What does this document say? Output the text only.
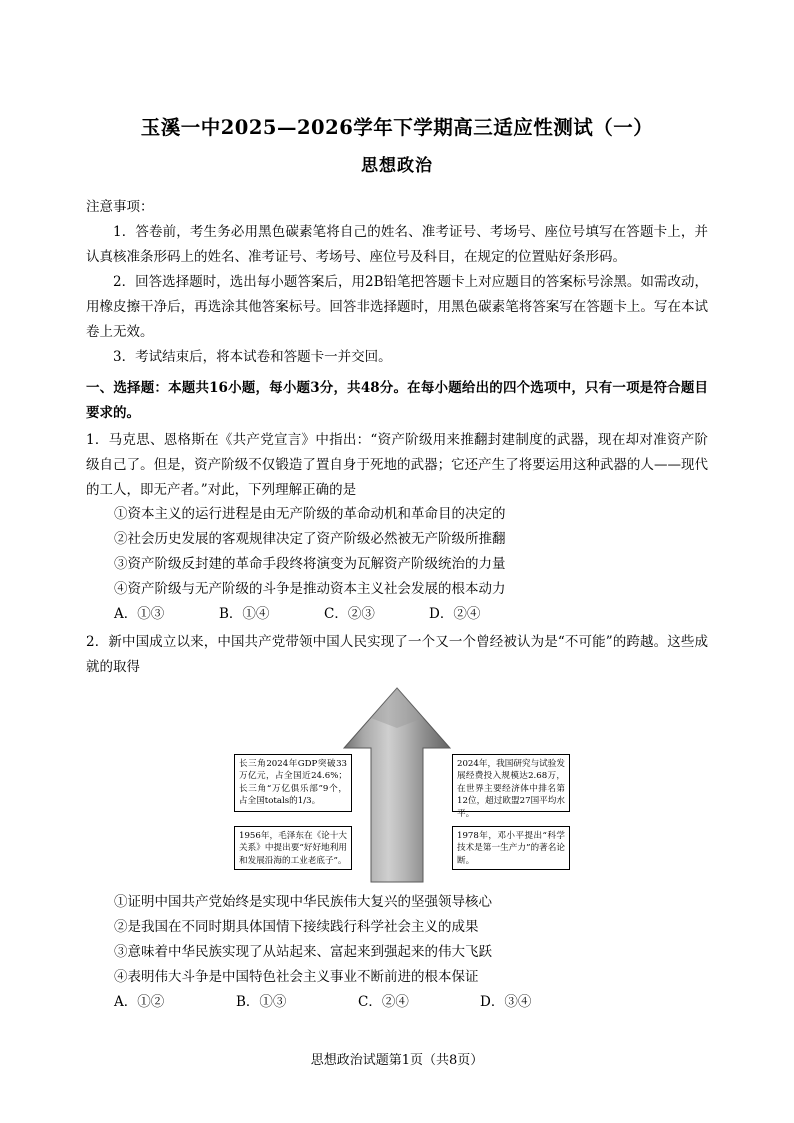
玉溪一中2025—2026学年下学期高三适应性测试（一）
思想政治
注意事项：

1．答卷前，考生务必用黑色碳素笔将自己的姓名、准考证号、考场号、座位号填写在答题卡上，并认真核准条形码上的姓名、准考证号、考场号、座位号及科目，在规定的位置贴好条形码。

2．回答选择题时，选出每小题答案后，用2B铅笔把答题卡上对应题目的答案标号涂黑。如需改动，用橡皮擦干净后，再选涂其他答案标号。回答非选择题时，用黑色碳素笔将答案写在答题卡上。写在本试卷上无效。

3．考试结束后，将本试卷和答题卡一并交回。

一、选择题：本题共16小题，每小题3分，共48分。在每小题给出的四个选项中，只有一项是符合题目要求的。
1．马克思、恩格斯在《共产党宣言》中指出：“资产阶级用来推翻封建制度的武器，现在却对准资产阶级自己了。但是，资产阶级不仅锻造了置自身于死地的武器；它还产生了将要运用这种武器的人——现代的工人，即无产者。”对此，下列理解正确的是
①资本主义的运行进程是由无产阶级的革命动机和革命目的决定的
②社会历史发展的客观规律决定了资产阶级必然被无产阶级所推翻
③资产阶级反封建的革命手段终将演变为瓦解资产阶级统治的力量
④资产阶级与无产阶级的斗争是推动资本主义社会发展的根本动力
A．①③	B．①④	C．②③	D．②④
2．新中国成立以来，中国共产党带领中国人民实现了一个又一个曾经被认为是“不可能”的跨越。这些成就的取得
长三角2024年GDP突破33万亿元，占全国近24.6%；长三角“万亿俱乐部”9个，占全国totals的1/3。
2024年，我国研究与试验发展经费投入规模达2.68万，在世界主要经济体中排名第12位，超过欧盟27国平均水平。
1956年，毛泽东在《论十大关系》中提出要“好好地利用和发展沿海的工业老底子”。
1978年，邓小平提出“科学技术是第一生产力”的著名论断。
①证明中国共产党始终是实现中华民族伟大复兴的坚强领导核心
②是我国在不同时期具体国情下接续践行科学社会主义的成果
③意味着中华民族实现了从站起来、富起来到强起来的伟大飞跃
④表明伟大斗争是中国特色社会主义事业不断前进的根本保证
A．①②	B．①③	C．②④	D．③④
思想政治试题第1页（共8页）
